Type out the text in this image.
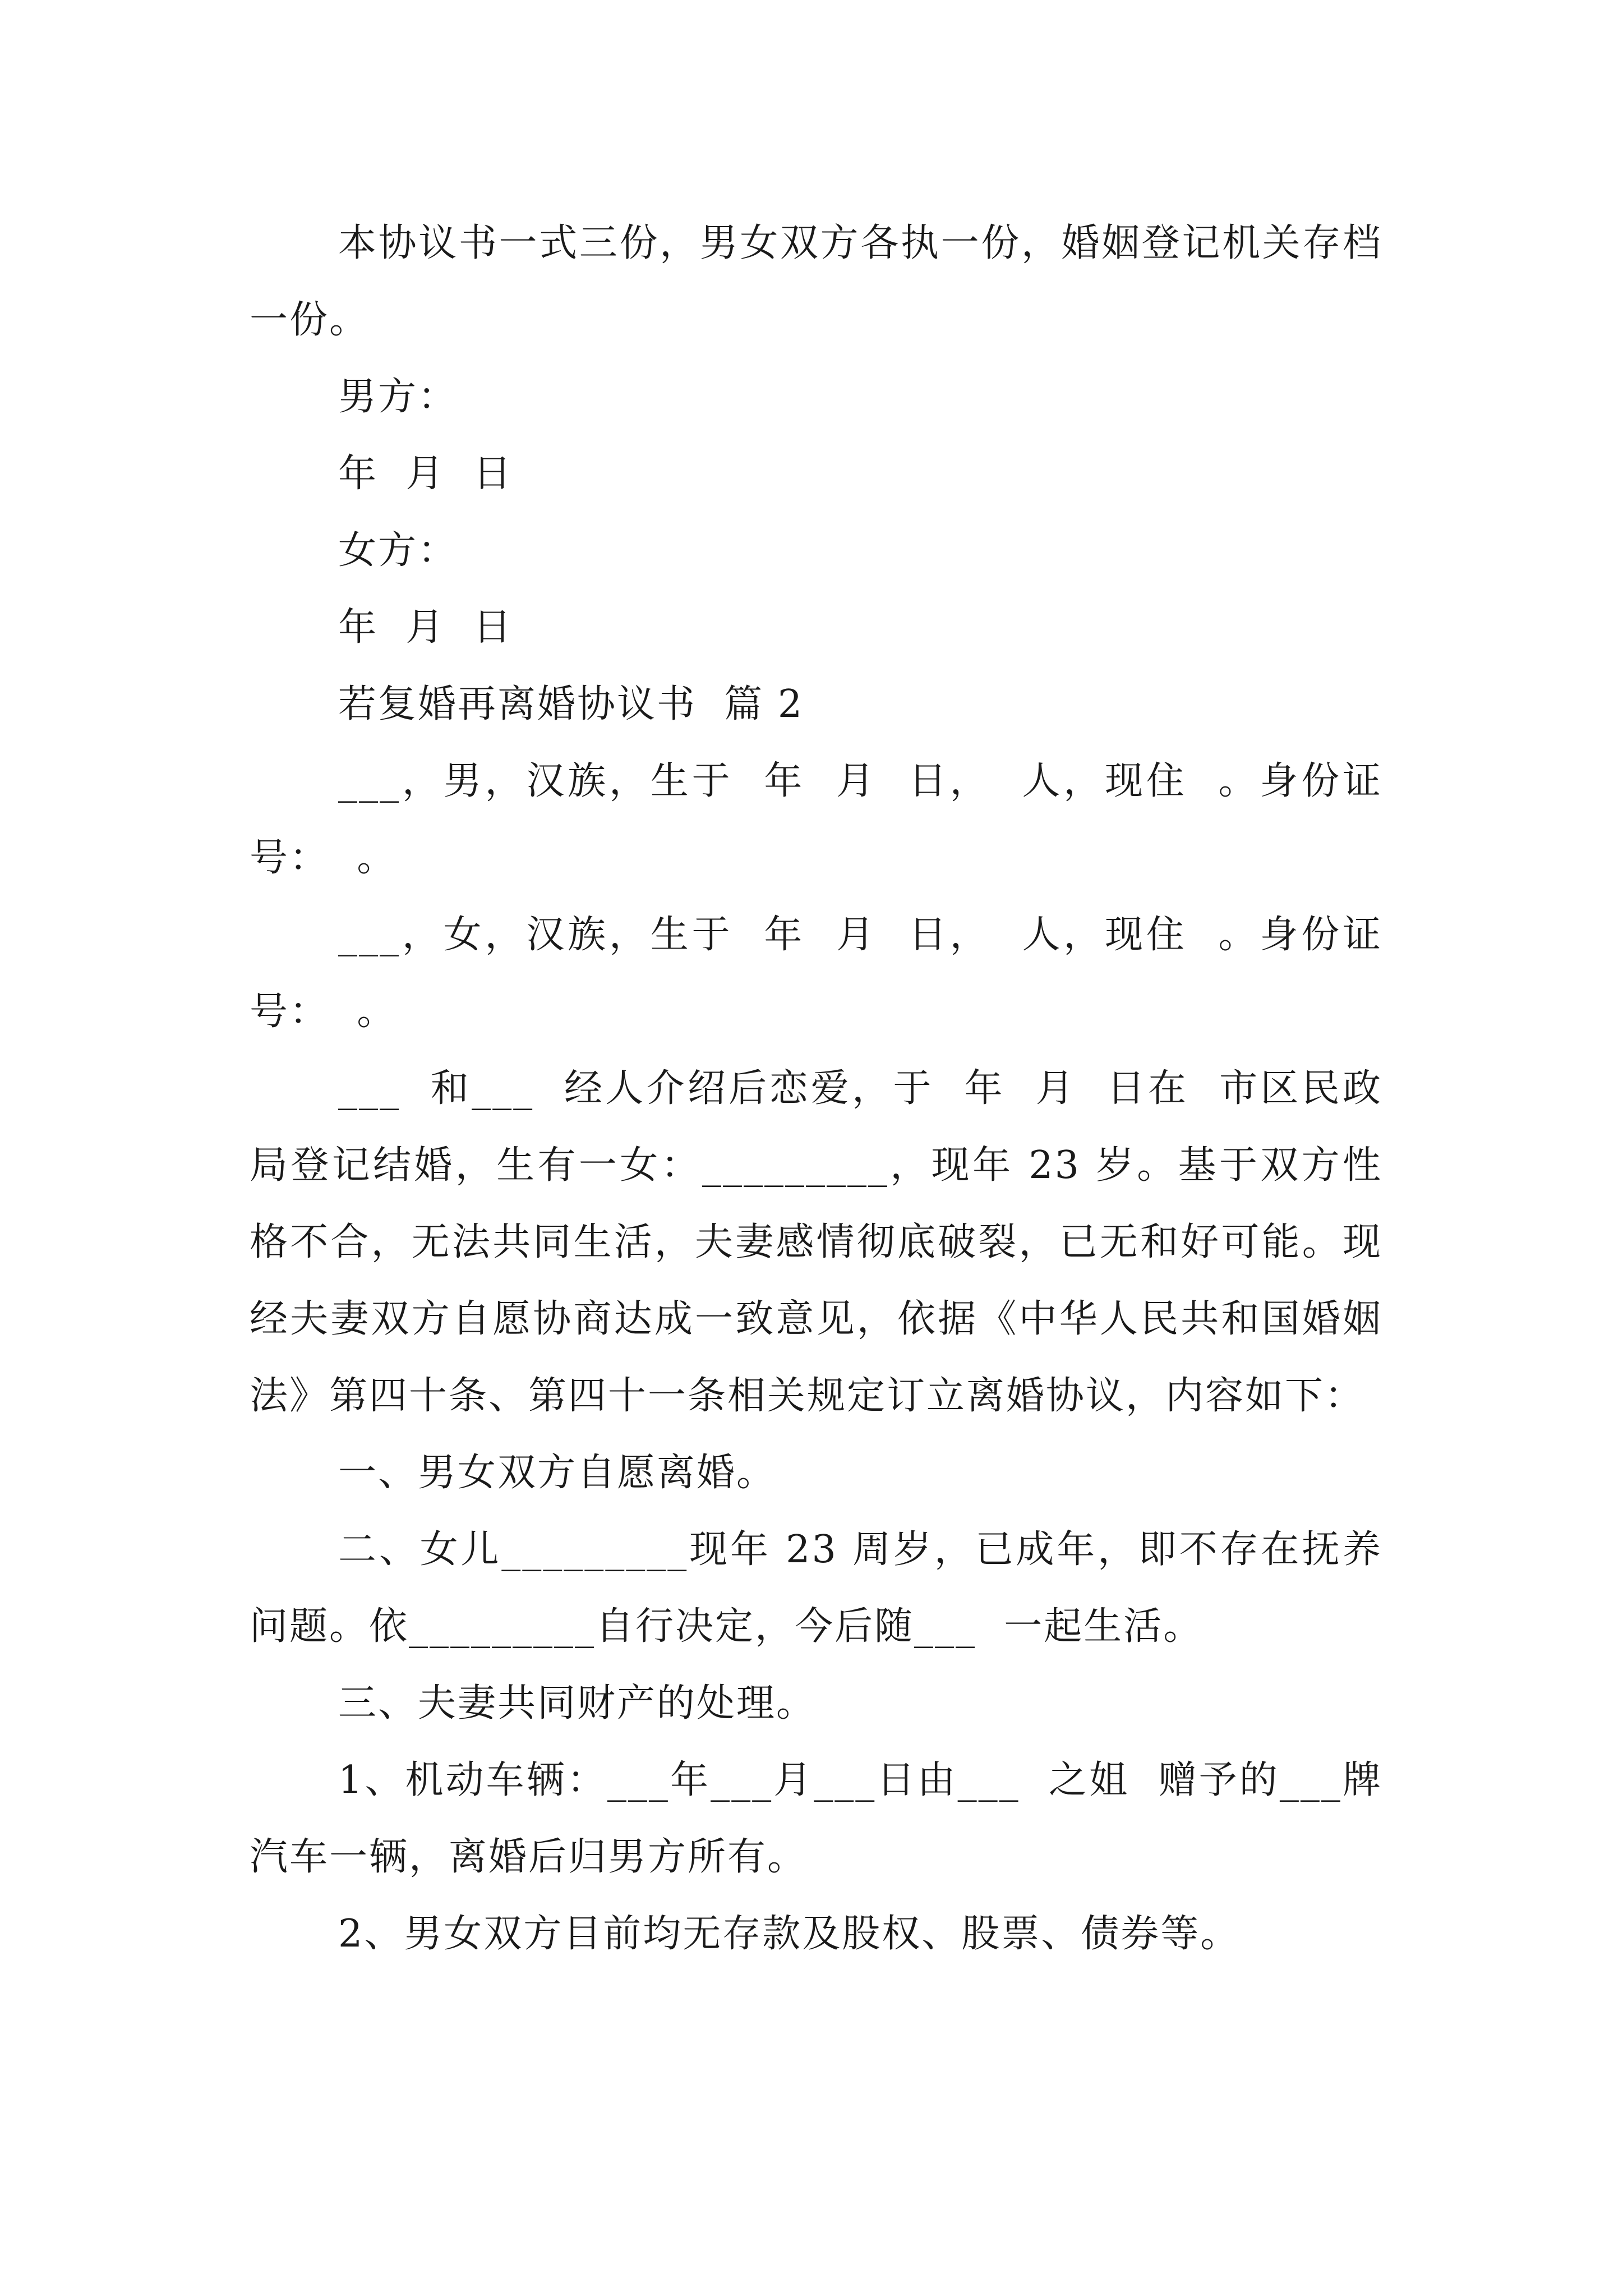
本协议书一式三份，男女双方各执一份，婚姻登记机关存档一份。

男方：

年  月  日

女方：

年  月  日

若复婚再离婚协议书  篇 2

___，男，汉族，生于  年  月  日，  人，现住  。身份证号：  。

___，女，汉族，生于  年  月  日，  人，现住  。身份证号：  。

___  和___  经人介绍后恋爱，于  年  月  日在  市区民政局登记结婚，生有一女：_________，现年 23 岁。基于双方性格不合，无法共同生活，夫妻感情彻底破裂，已无和好可能。现经夫妻双方自愿协商达成一致意见，依据《中华人民共和国婚姻法》第四十条、第四十一条相关规定订立离婚协议，内容如下：

一、男女双方自愿离婚。

二、女儿_________现年 23 周岁，已成年，即不存在抚养问题。依_________自行决定，今后随___  一起生活。

三、夫妻共同财产的处理。

1、机动车辆：___年___月___日由___  之姐  赠予的___牌汽车一辆，离婚后归男方所有。

2、男女双方目前均无存款及股权、股票、债券等。
